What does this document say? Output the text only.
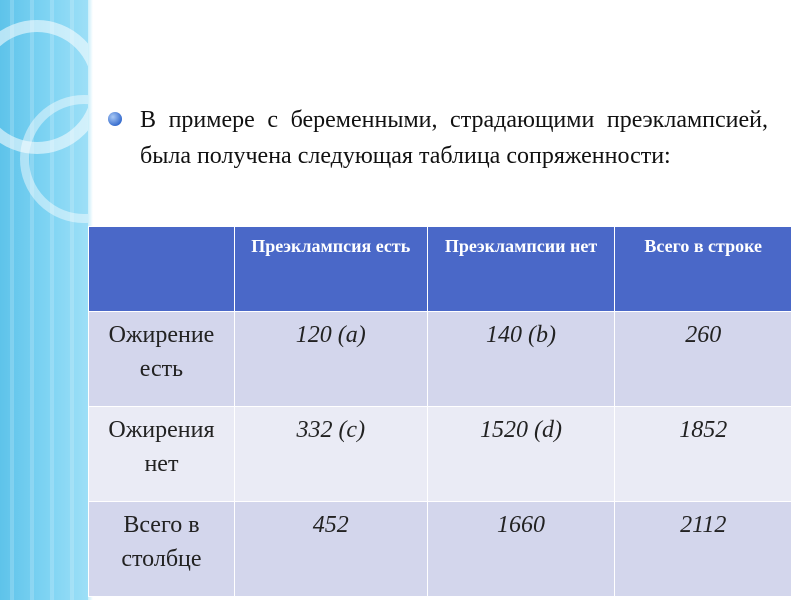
В примере с беременными, страдающими преэклампсией, была получена следующая таблица сопряженности:
	Преэклампсия есть	Преэклампсии нет	Всего в строке
Ожирение есть	120 (a)	140 (b)	260
Ожирения нет	332 (c)	1520 (d)	1852
Всего в столбце	452	1660	2112
